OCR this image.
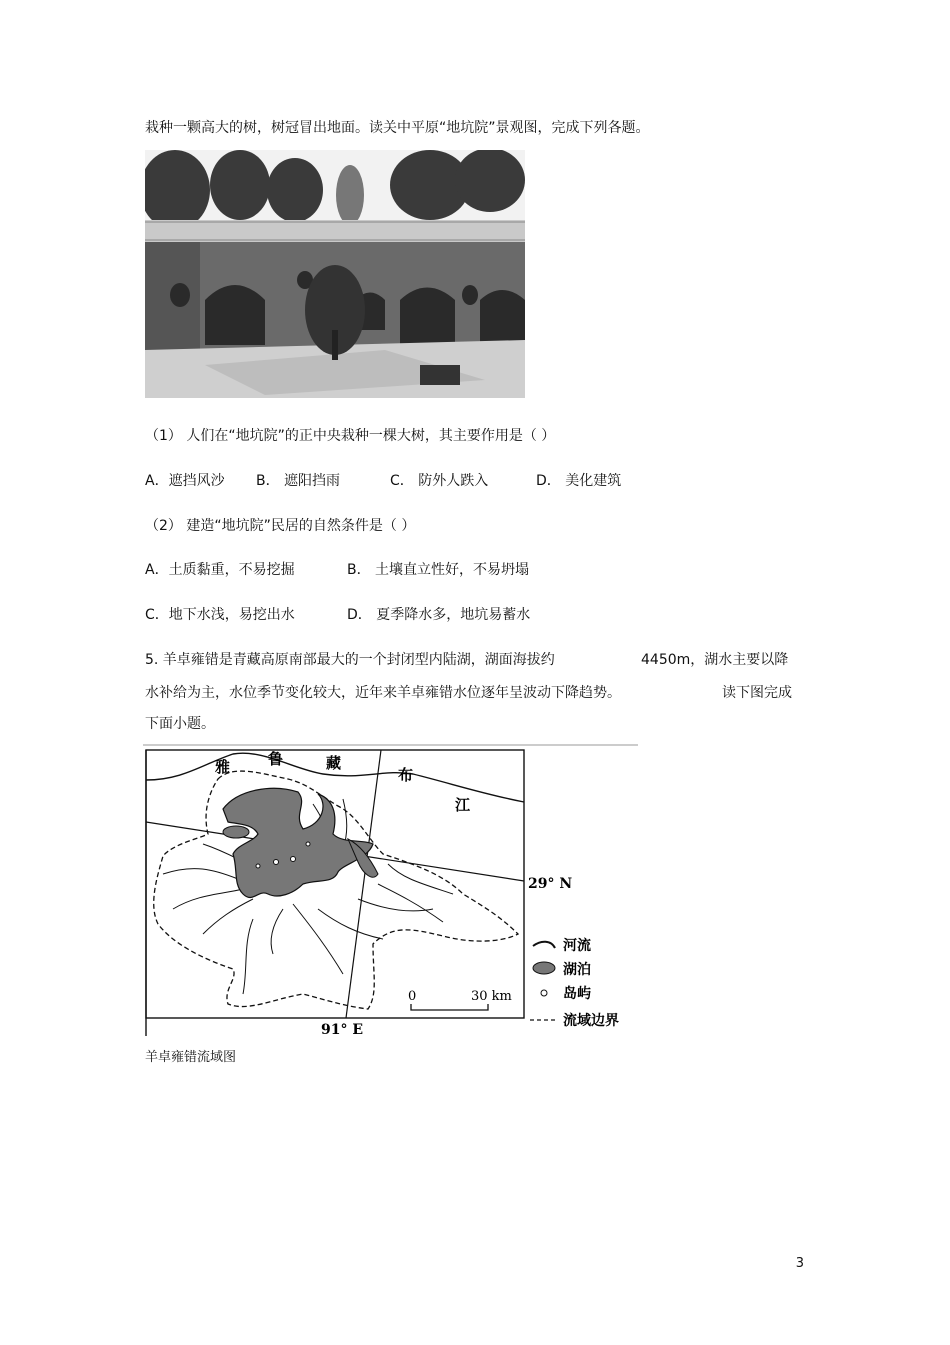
栽种一颗高大的树，树冠冒出地面。读关中平原“地坑院”景观图，完成下列各题。
（1） 人们在“地坑院”的正中央栽种一棵大树，其主要作用是（ ）
A．遮挡风沙 B． 遮阳挡雨	C． 防外人跌入	D． 美化建筑
（2） 建造“地坑院”民居的自然条件是（ ）
A．土质黏重，不易挖掘	B． 土壤直立性好，不易坍塌
C．地下水浅，易挖出水	D． 夏季降水多，地坑易蓄水
5. 羊卓雍错是青藏高原南部最大的一个封闭型内陆湖，湖面海拔约	4450m，湖水主要以降
水补给为主，水位季节变化较大，近年来羊卓雍错水位逐年呈波动下降趋势。	读下图完成
下面小题。
雅	鲁	藏
布
江
29° N
91° E
0	30 km
河流
湖泊
岛屿
流域边界
羊卓雍错流域图
3
